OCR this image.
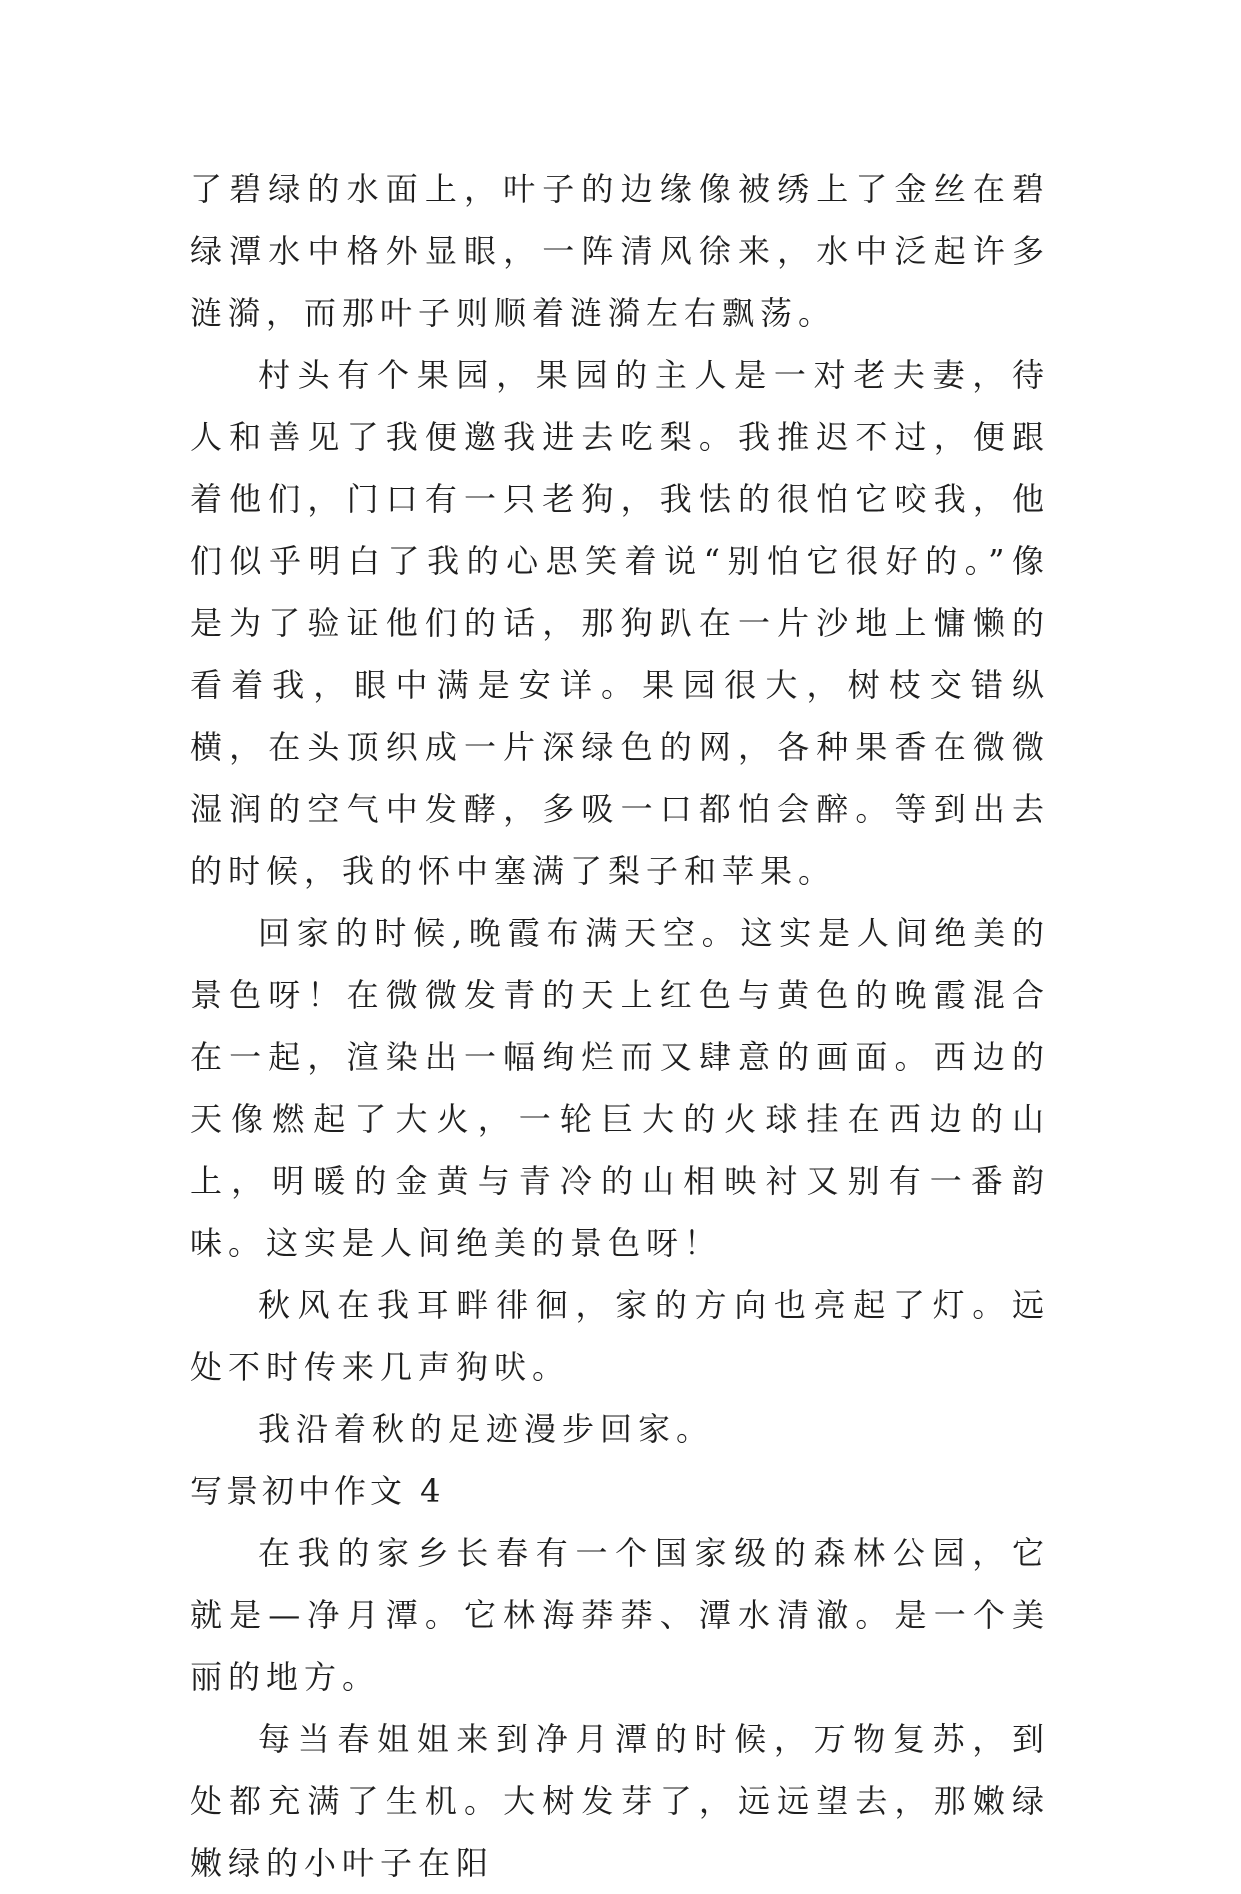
了碧绿的水面上，叶子的边缘像被绣上了金丝在碧绿潭水中格外显眼，一阵清风徐来，水中泛起许多涟漪，而那叶子则顺着涟漪左右飘荡。

村头有个果园，果园的主人是一对老夫妻，待人和善见了我便邀我进去吃梨。我推迟不过，便跟着他们，门口有一只老狗，我怯的很怕它咬我，他们似乎明白了我的心思笑着说“别怕它很好的。”像是为了验证他们的话，那狗趴在一片沙地上慵懒的看着我，眼中满是安详。果园很大，树枝交错纵横，在头顶织成一片深绿色的网，各种果香在微微湿润的空气中发酵，多吸一口都怕会醉。等到出去的时候，我的怀中塞满了梨子和苹果。

回家的时候,晚霞布满天空。这实是人间绝美的景色呀！在微微发青的天上红色与黄色的晚霞混合在一起，渲染出一幅绚烂而又肆意的画面。西边的天像燃起了大火，一轮巨大的火球挂在西边的山上，明暖的金黄与青冷的山相映衬又别有一番韵味。这实是人间绝美的景色呀！

秋风在我耳畔徘徊，家的方向也亮起了灯。远处不时传来几声狗吠。

我沿着秋的足迹漫步回家。

写景初中作文 4

在我的家乡长春有一个国家级的森林公园，它就是—净月潭。它林海莽莽、潭水清澈。是一个美丽的地方。

每当春姐姐来到净月潭的时候，万物复苏，到处都充满了生机。大树发芽了，远远望去，那嫩绿嫩绿的小叶子在阳
